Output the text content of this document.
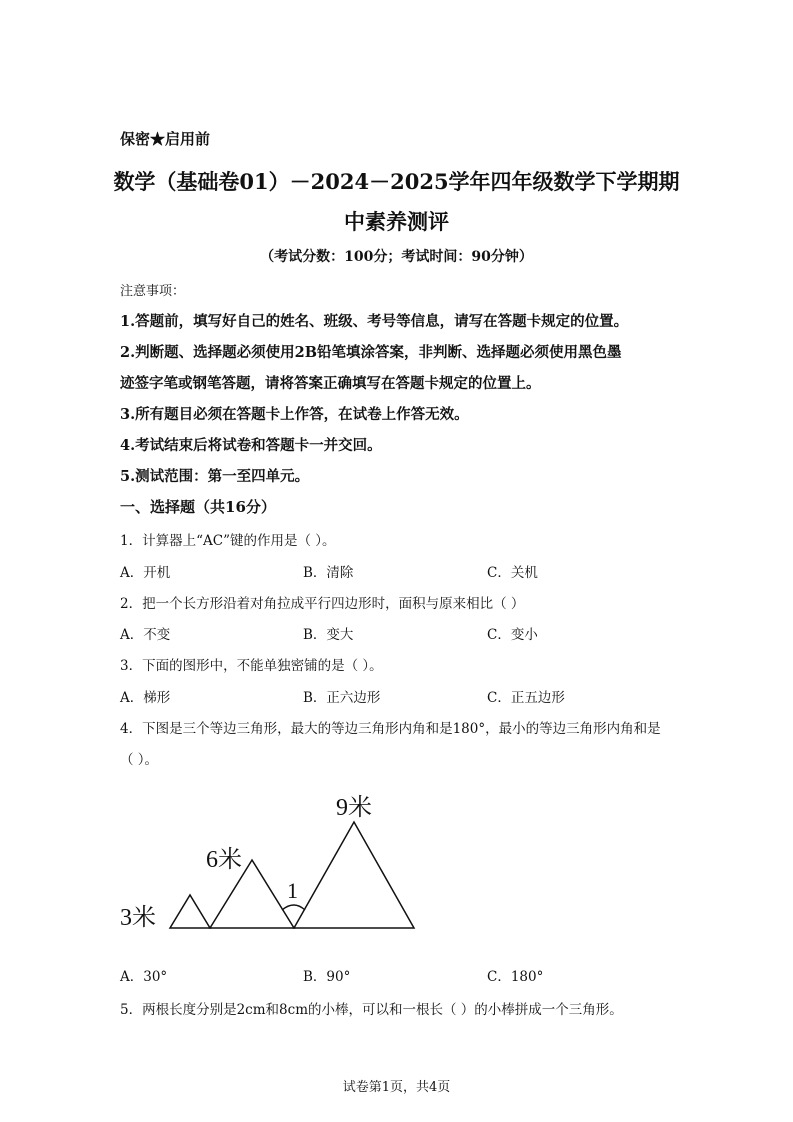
保密★启用前
数学（基础卷01）－2024－2025学年四年级数学下学期期
中素养测评
（考试分数：100分；考试时间：90分钟）
注意事项：
1.答题前，填写好自己的姓名、班级、考号等信息，请写在答题卡规定的位置。
2.判断题、选择题必须使用2B铅笔填涂答案，非判断、选择题必须使用黑色墨
迹签字笔或钢笔答题，请将答案正确填写在答题卡规定的位置上。
3.所有题目必须在答题卡上作答，在试卷上作答无效。
4.考试结束后将试卷和答题卡一并交回。
5.测试范围：第一至四单元。
一、选择题（共16分）
1．计算器上“AC”键的作用是（ ）。
A．开机	B．清除	C．关机
2．把一个长方形沿着对角拉成平行四边形时，面积与原来相比（ ）
A．不变	B．变大	C．变小
3．下面的图形中，不能单独密铺的是（ ）。
A．梯形	B．正六边形	C．正五边形
4．下图是三个等边三角形，最大的等边三角形内角和是180°，最小的等边三角形内角和是
（ ）。
3米
6米
9米
1
A．30°	B．90°	C．180°
5．两根长度分别是2cm和8cm的小棒，可以和一根长（ ）的小棒拼成一个三角形。
试卷第1页，共4页
